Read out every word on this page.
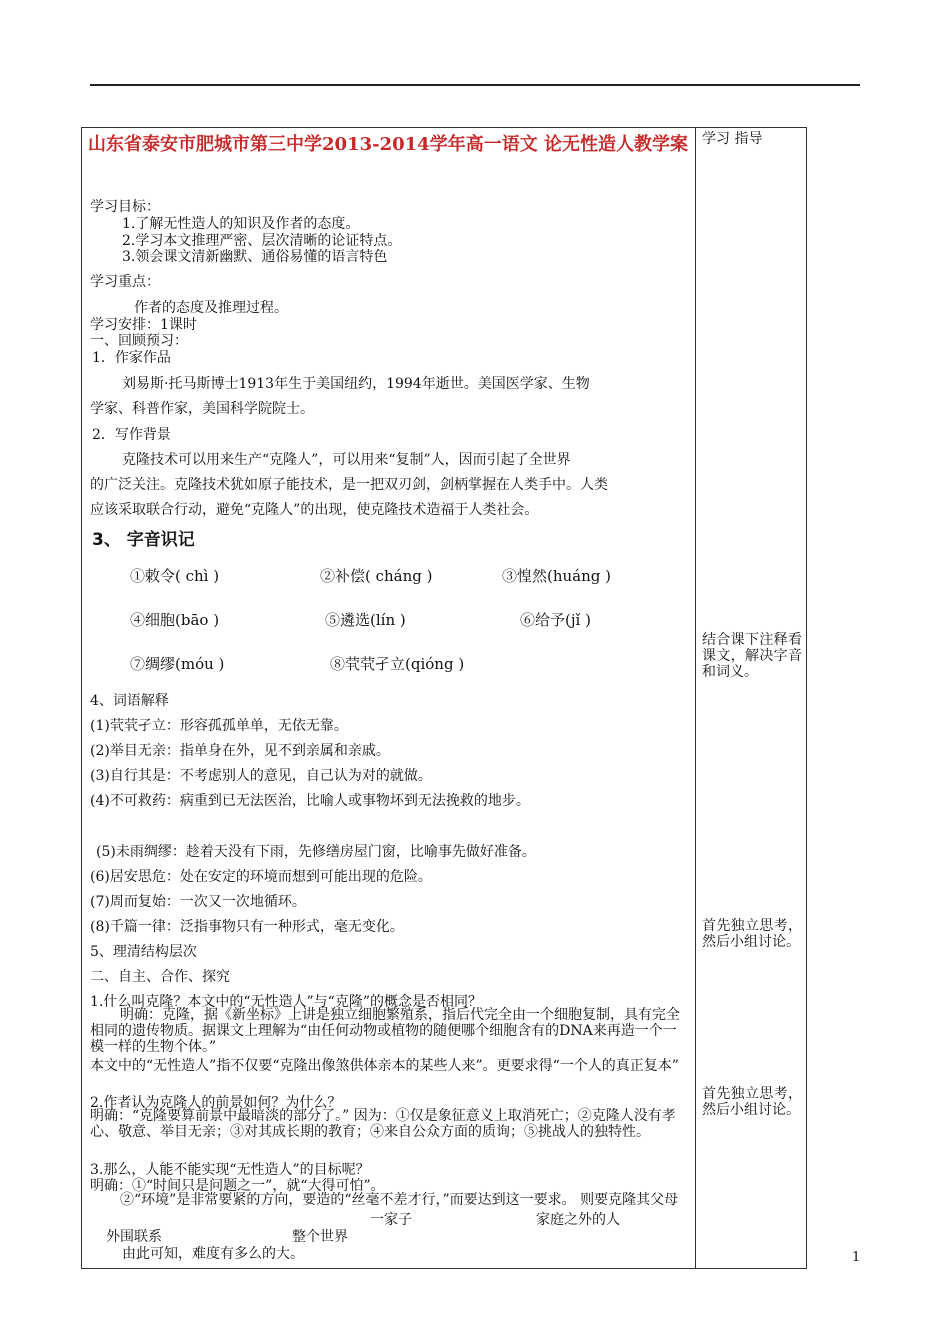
学习 指导
结合课下注释看课文，解决字音和词义。
首先独立思考，然后小组讨论。
首先独立思考，然后小组讨论。
山东省泰安市肥城市第三中学2013-2014学年高一语文 论无性造人教学案
学习目标：
1.了解无性造人的知识及作者的态度。
2.学习本文推理严密、层次清晰的论证特点。
3.领会课文清新幽默、通俗易懂的语言特色
学习重点：
作者的态度及推理过程。
学习安排：1课时
一、回顾预习：
1．作家作品
刘易斯·托马斯博士1913年生于美国纽约，1994年逝世。美国医学家、生物
学家、科普作家，美国科学院院士。
2．写作背景
克隆技术可以用来生产“克隆人”，可以用来“复制”人，因而引起了全世界
的广泛关注。克隆技术犹如原子能技术，是一把双刃剑，剑柄掌握在人类手中。人类
应该采取联合行动，避免“克隆人”的出现，使克隆技术造福于人类社会。
3、 字音识记
①敕令( chì )	②补偿( cháng )	③惶然(huáng )
④细胞(bāo )	⑤遴选(lín )	⑥给予(jǐ )
⑦绸缪(móu )	⑧茕茕孑立(qióng )
4、词语解释
(1)茕茕孑立：形容孤孤单单，无依无靠。
(2)举目无亲：指单身在外，见不到亲属和亲戚。
(3)自行其是：不考虑别人的意见，自己认为对的就做。
(4)不可救药：病重到已无法医治，比喻人或事物坏到无法挽救的地步。
(5)未雨绸缪：趁着天没有下雨，先修缮房屋门窗，比喻事先做好准备。
(6)居安思危：处在安定的环境而想到可能出现的危险。
(7)周而复始：一次又一次地循环。
(8)千篇一律：泛指事物只有一种形式，毫无变化。
5、理清结构层次
二、自主、合作、探究
1.什么叫克隆？本文中的“无性造人”与“克隆”的概念是否相同？
明确：克隆，据《新坐标》上讲是独立细胞繁殖系，指后代完全由一个细胞复制，具有完全相同的遗传物质。据课文上理解为“由任何动物或植物的随便哪个细胞含有的DNA来再造一个一模一样的生物个体。”
本文中的“无性造人”指不仅要“克隆出像煞供体亲本的某些人来”。更要求得“一个人的真正复本”
2.作者认为克隆人的前景如何？为什么？
明确：“克隆要算前景中最暗淡的部分了。” 因为：①仅是象征意义上取消死亡；②克隆人没有孝心、敬意、举目无亲；③对其成长期的教育；④来自公众方面的质询；⑤挑战人的独特性。
3.那么，人能不能实现“无性造人”的目标呢？
明确：①“时间只是问题之一”，就“大得可怕”。
②“环境”是非常要紧的方向，要造的“丝毫不差才行，”而要达到这一要求。 则要克隆其父母
一家子	家庭之外的人
外围联系	整个世界
由此可知，难度有多么的大。	1
